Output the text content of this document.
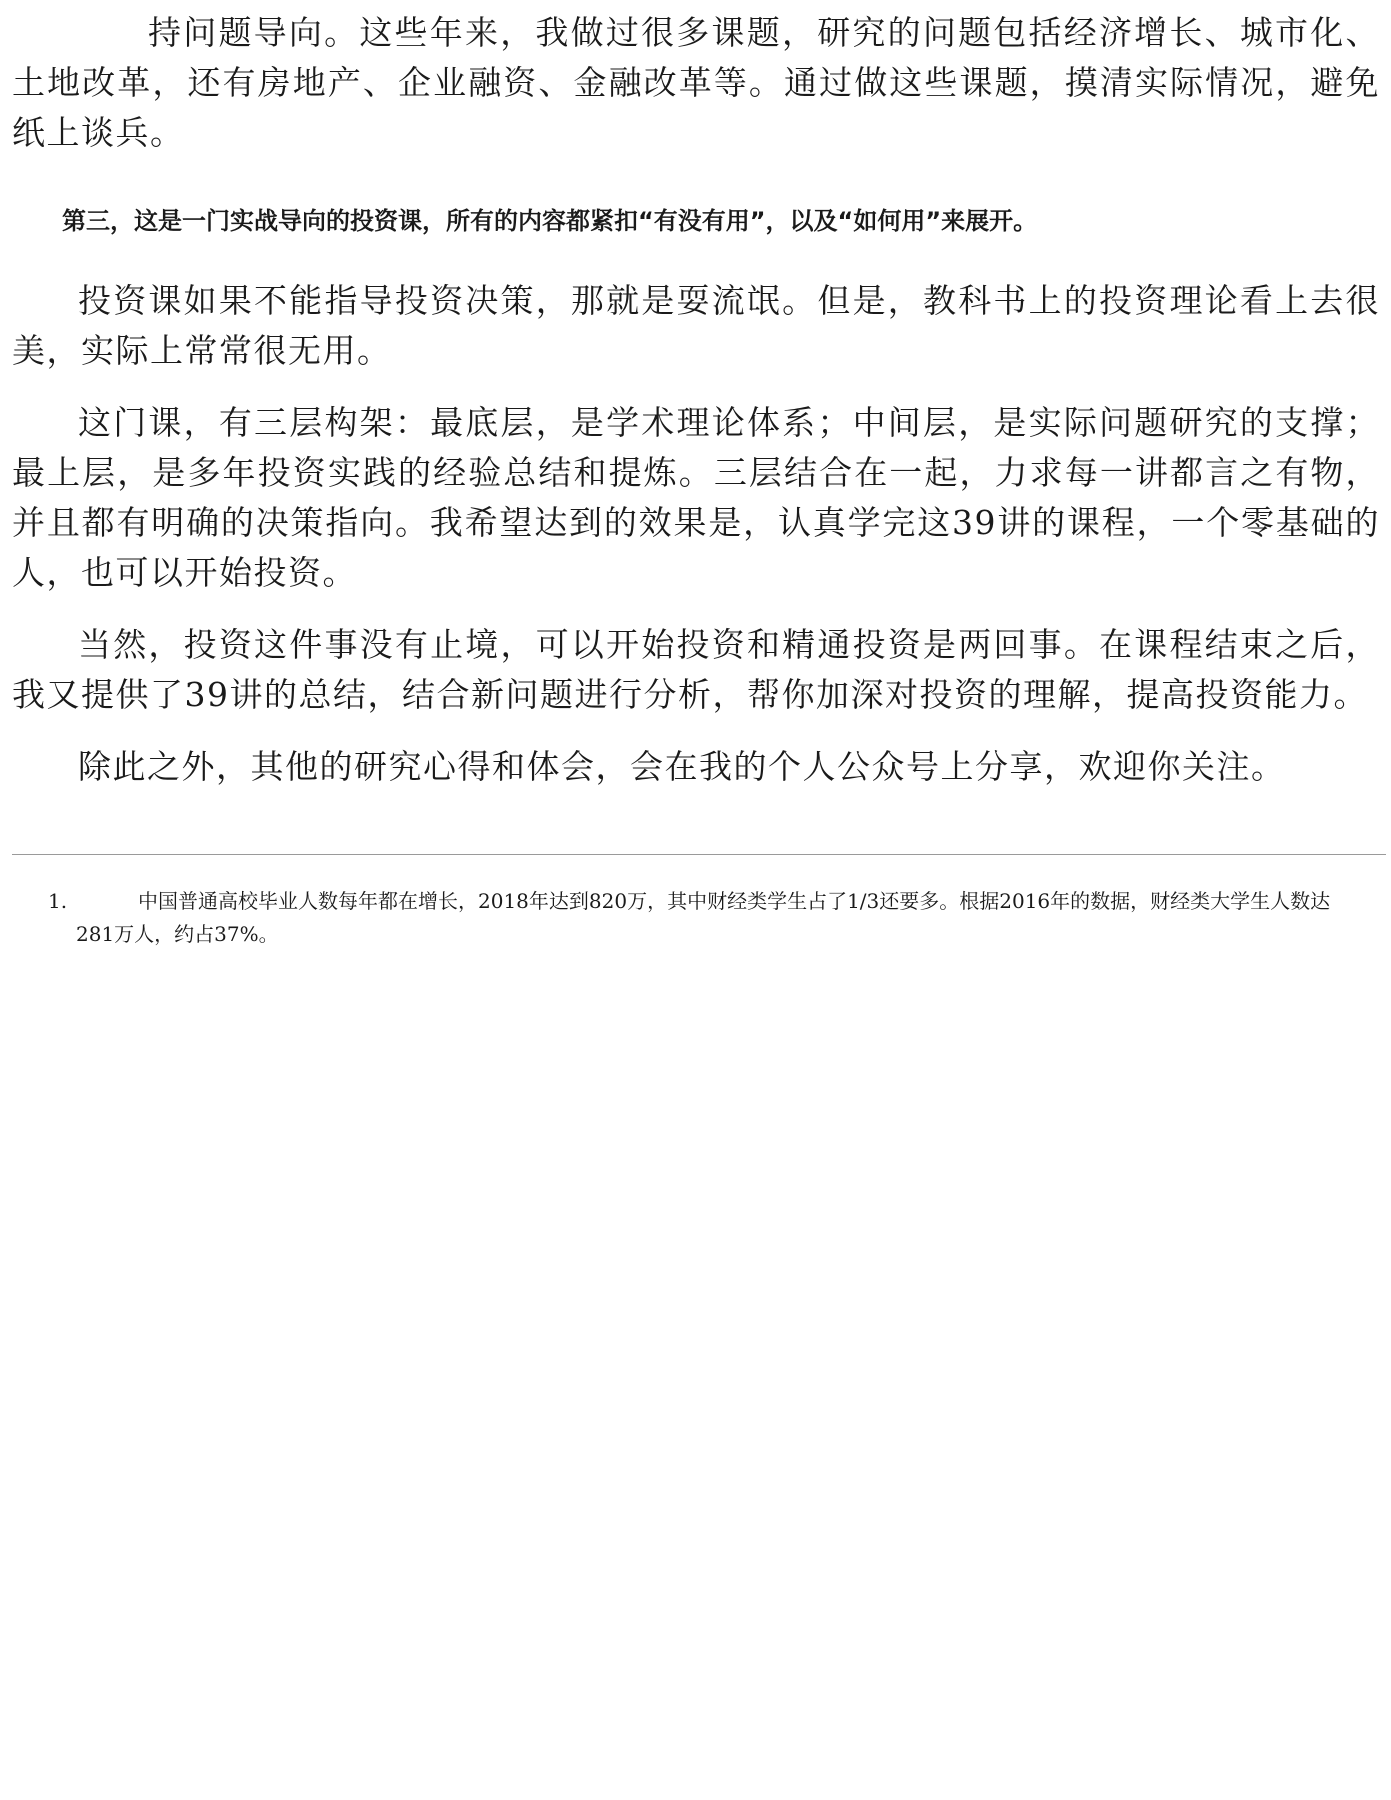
持问题导向。这些年来，我做过很多课题，研究的问题包括经济增长、城市化、土地改革，还有房地产、企业融资、金融改革等。通过做这些课题，摸清实际情况，避免纸上谈兵。

第三，这是一门实战导向的投资课，所有的内容都紧扣“有没有用”，以及“如何用”来展开。

投资课如果不能指导投资决策，那就是耍流氓。但是，教科书上的投资理论看上去很美，实际上常常很无用。

这门课，有三层构架：最底层，是学术理论体系；中间层，是实际问题研究的支撑；最上层，是多年投资实践的经验总结和提炼。三层结合在一起，力求每一讲都言之有物，并且都有明确的决策指向。我希望达到的效果是，认真学完这39讲的课程，一个零基础的人，也可以开始投资。

当然，投资这件事没有止境，可以开始投资和精通投资是两回事。在课程结束之后，我又提供了39讲的总结，结合新问题进行分析，帮你加深对投资的理解，提高投资能力。

除此之外，其他的研究心得和体会，会在我的个人公众号上分享，欢迎你关注。

1.	中国普通高校毕业人数每年都在增长，2018年达到820万，其中财经类学生占了1/3还要多。根据2016年的数据，财经类大学生人数达281万人，约占37%。
